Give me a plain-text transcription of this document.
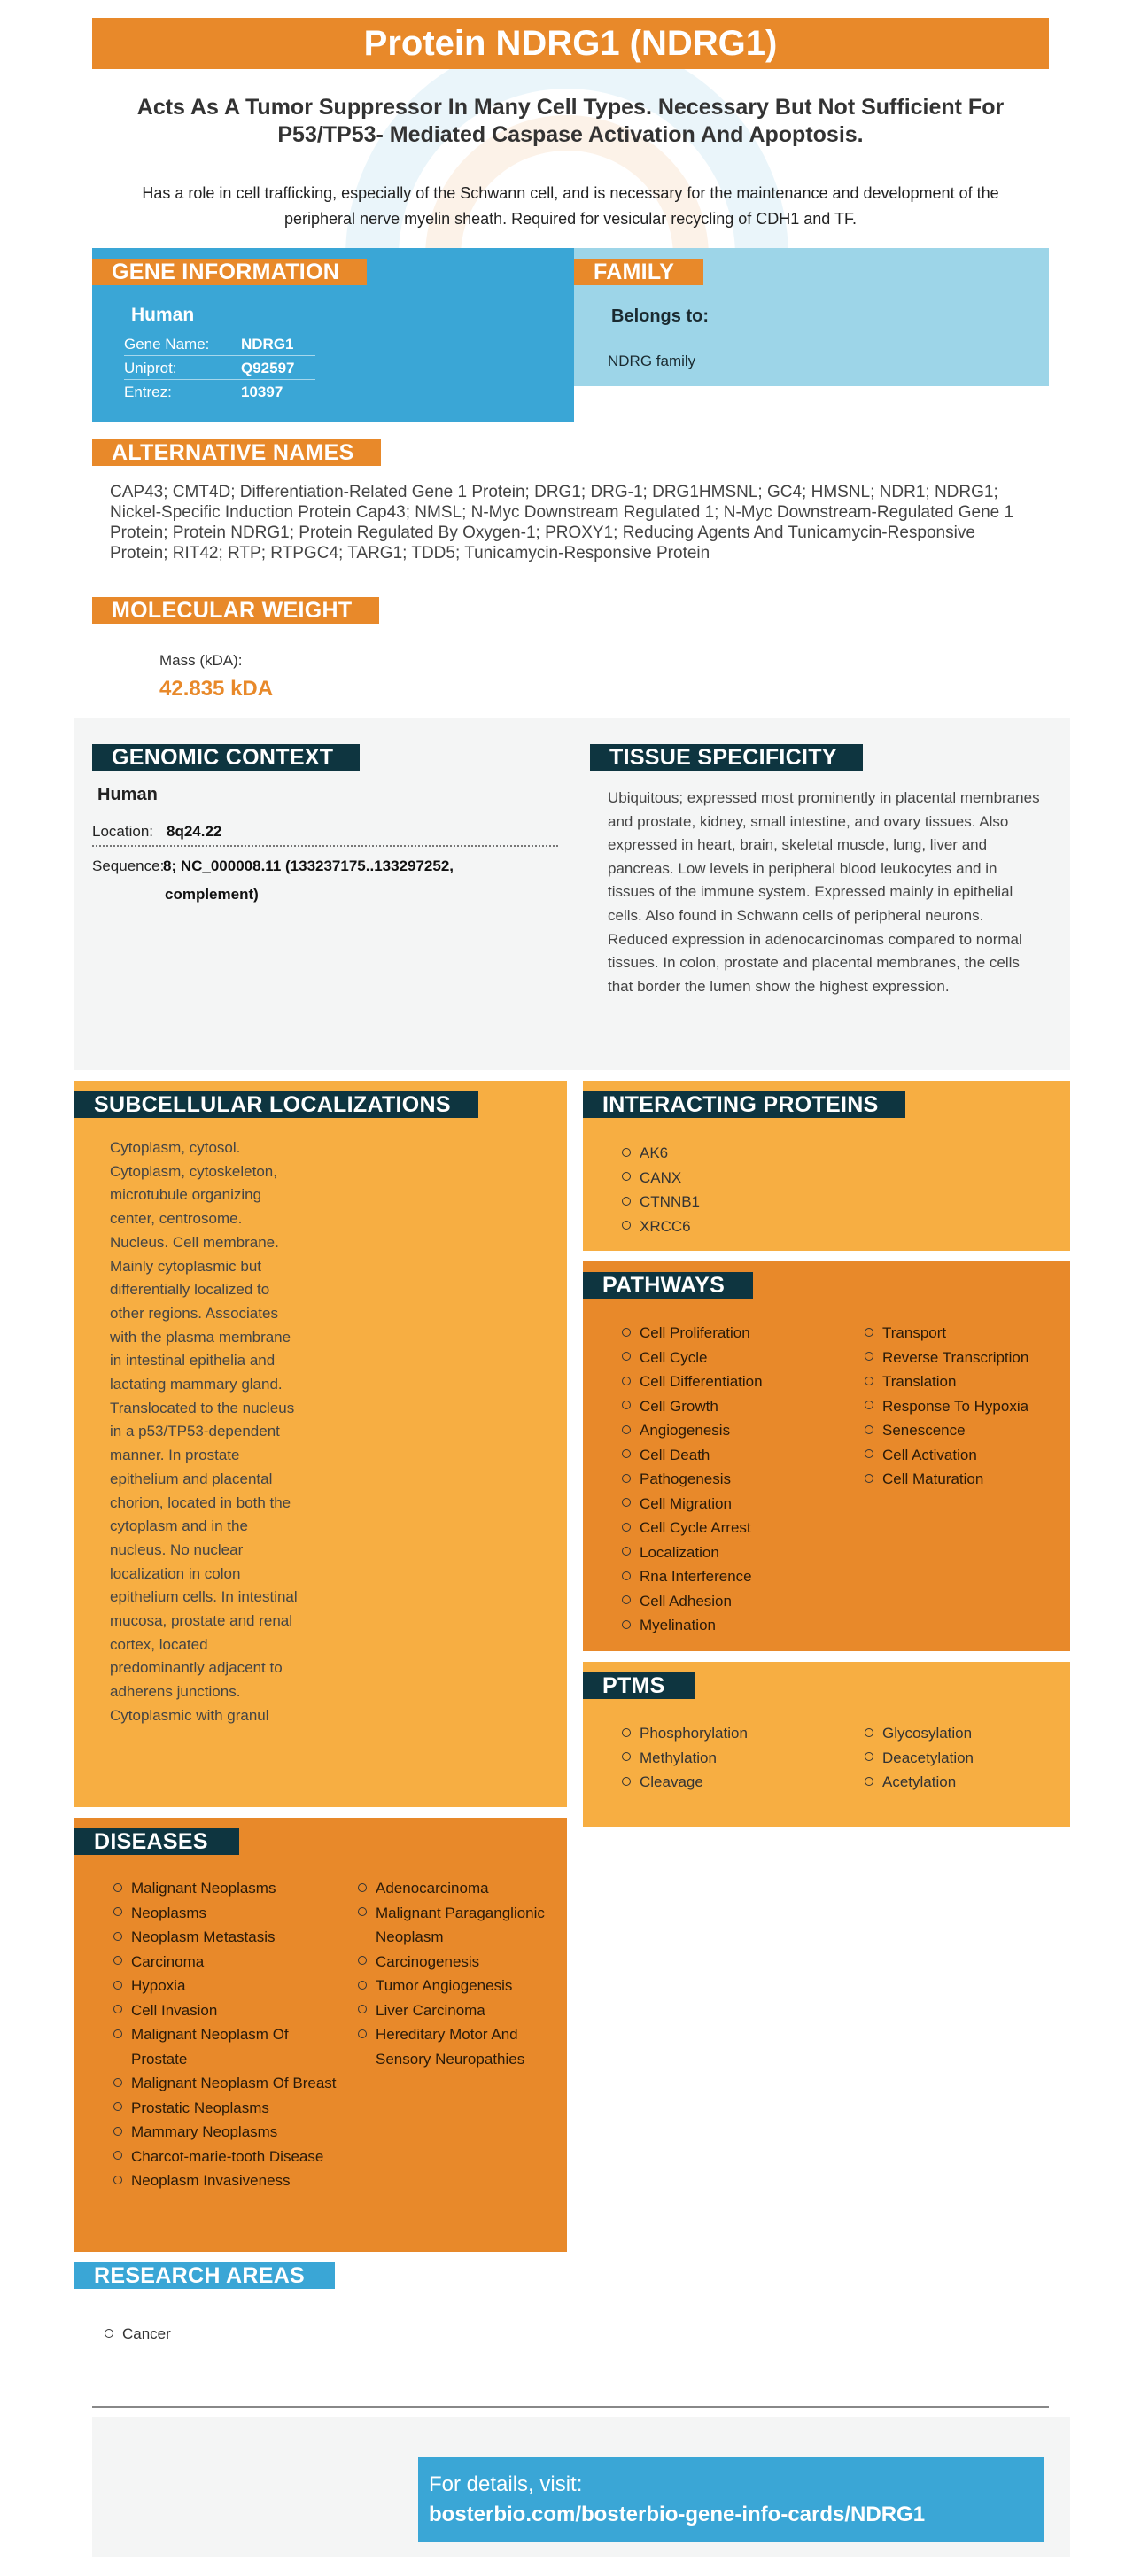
Protein NDRG1 (NDRG1)
Acts As A Tumor Suppressor In Many Cell Types. Necessary But Not Sufficient For P53/TP53- Mediated Caspase Activation And Apoptosis.
Has a role in cell trafficking, especially of the Schwann cell, and is necessary for the maintenance and development of the peripheral nerve myelin sheath. Required for vesicular recycling of CDH1 and TF.
GENE INFORMATION
Human
Gene Name:	NDRG1
Uniprot:	Q92597
Entrez:	10397
FAMILY
Belongs to:
NDRG family
ALTERNATIVE NAMES
CAP43; CMT4D; Differentiation-Related Gene 1 Protein; DRG1; DRG-1; DRG1HMSNL; GC4; HMSNL; NDR1; NDRG1; Nickel-Specific Induction Protein Cap43; NMSL; N-Myc Downstream Regulated 1; N-Myc Downstream-Regulated Gene 1 Protein; Protein NDRG1; Protein Regulated By Oxygen-1; PROXY1; Reducing Agents And Tunicamycin-Responsive Protein; RIT42; RTP; RTPGC4; TARG1; TDD5; Tunicamycin-Responsive Protein
MOLECULAR WEIGHT
Mass (kDA):
42.835 kDA
GENOMIC CONTEXT
Human
Location: 8q24.22
Sequence:
8; NC_000008.11 (133237175..133297252, complement)
TISSUE SPECIFICITY
Ubiquitous; expressed most prominently in placental membranes and prostate, kidney, small intestine, and ovary tissues. Also expressed in heart, brain, skeletal muscle, lung, liver and pancreas. Low levels in peripheral blood leukocytes and in tissues of the immune system. Expressed mainly in epithelial cells. Also found in Schwann cells of peripheral neurons. Reduced expression in adenocarcinomas compared to normal tissues. In colon, prostate and placental membranes, the cells that border the lumen show the highest expression.
SUBCELLULAR LOCALIZATIONS
Cytoplasm, cytosol. Cytoplasm, cytoskeleton, microtubule organizing center, centrosome. Nucleus. Cell membrane. Mainly cytoplasmic but differentially localized to other regions. Associates with the plasma membrane in intestinal epithelia and lactating mammary gland. Translocated to the nucleus in a p53/TP53-dependent manner. In prostate epithelium and placental chorion, located in both the cytoplasm and in the nucleus. No nuclear localization in colon epithelium cells. In intestinal mucosa, prostate and renal cortex, located predominantly adjacent to adherens junctions. Cytoplasmic with granul
INTERACTING PROTEINS
AK6
CANX
CTNNB1
XRCC6
PATHWAYS
Cell Proliferation
Cell Cycle
Cell Differentiation
Cell Growth
Angiogenesis
Cell Death
Pathogenesis
Cell Migration
Cell Cycle Arrest
Localization
Rna Interference
Cell Adhesion
Myelination
Transport
Reverse Transcription
Translation
Response To Hypoxia
Senescence
Cell Activation
Cell Maturation
PTMS
Phosphorylation
Methylation
Cleavage
Glycosylation
Deacetylation
Acetylation
DISEASES
Malignant Neoplasms
Neoplasms
Neoplasm Metastasis
Carcinoma
Hypoxia
Cell Invasion
Malignant Neoplasm Of Prostate
Malignant Neoplasm Of Breast
Prostatic Neoplasms
Mammary Neoplasms
Charcot-marie-tooth Disease
Neoplasm Invasiveness
Adenocarcinoma
Malignant Paraganglionic Neoplasm
Carcinogenesis
Tumor Angiogenesis
Liver Carcinoma
Hereditary Motor And Sensory Neuropathies
RESEARCH AREAS
Cancer
For details, visit:
bosterbio.com/bosterbio-gene-info-cards/NDRG1
